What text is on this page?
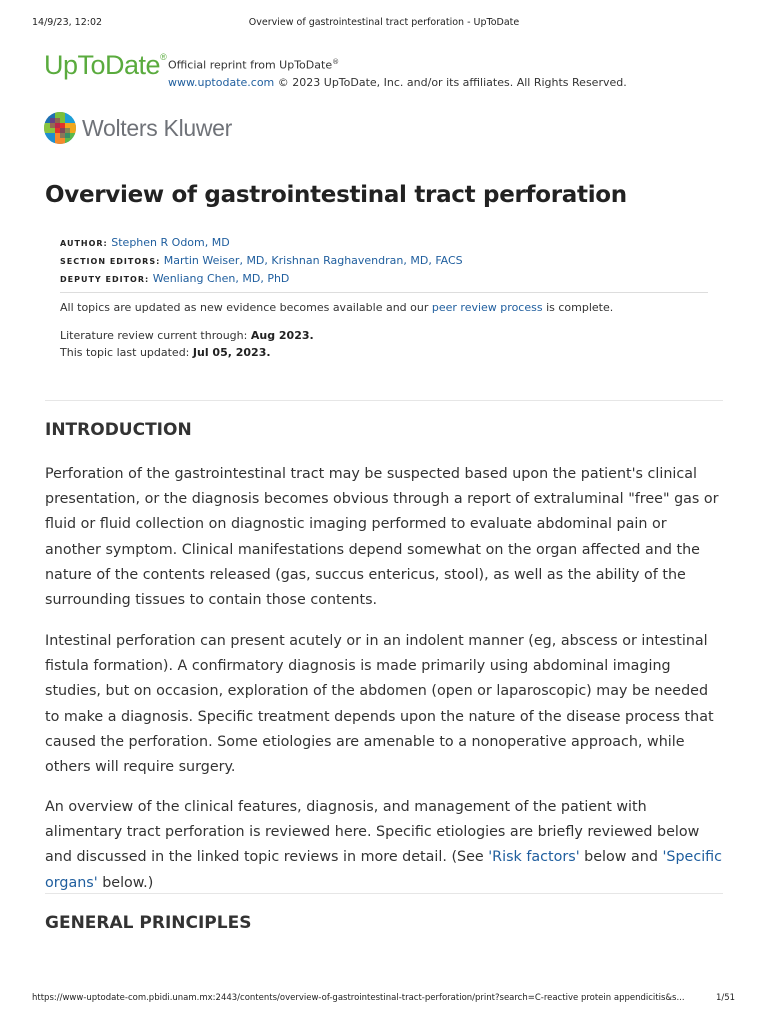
14/9/23, 12:02	Overview of gastrointestinal tract perforation - UpToDate
UpToDate®
Official reprint from UpToDate®
www.uptodate.com © 2023 UpToDate, Inc. and/or its affiliates. All Rights Reserved.
Wolters Kluwer
Overview of gastrointestinal tract perforation
AUTHOR: Stephen R Odom, MD
SECTION EDITORS: Martin Weiser, MD, Krishnan Raghavendran, MD, FACS
DEPUTY EDITOR: Wenliang Chen, MD, PhD
All topics are updated as new evidence becomes available and our peer review process is complete.
Literature review current through: Aug 2023.
This topic last updated: Jul 05, 2023.
INTRODUCTION

Perforation of the gastrointestinal tract may be suspected based upon the patient's clinical presentation, or the diagnosis becomes obvious through a report of extraluminal "free" gas or fluid or fluid collection on diagnostic imaging performed to evaluate abdominal pain or another symptom. Clinical manifestations depend somewhat on the organ affected and the nature of the contents released (gas, succus entericus, stool), as well as the ability of the surrounding tissues to contain those contents.

Intestinal perforation can present acutely or in an indolent manner (eg, abscess or intestinal fistula formation). A confirmatory diagnosis is made primarily using abdominal imaging studies, but on occasion, exploration of the abdomen (open or laparoscopic) may be needed to make a diagnosis. Specific treatment depends upon the nature of the disease process that caused the perforation. Some etiologies are amenable to a nonoperative approach, while others will require surgery.

An overview of the clinical features, diagnosis, and management of the patient with alimentary tract perforation is reviewed here. Specific etiologies are briefly reviewed below and discussed in the linked topic reviews in more detail. (See 'Risk factors' below and 'Specific organs' below.)

GENERAL PRINCIPLES
https://www-uptodate-com.pbidi.unam.mx:2443/contents/overview-of-gastrointestinal-tract-perforation/print?search=C-reactive protein appendicitis&s...	1/51
